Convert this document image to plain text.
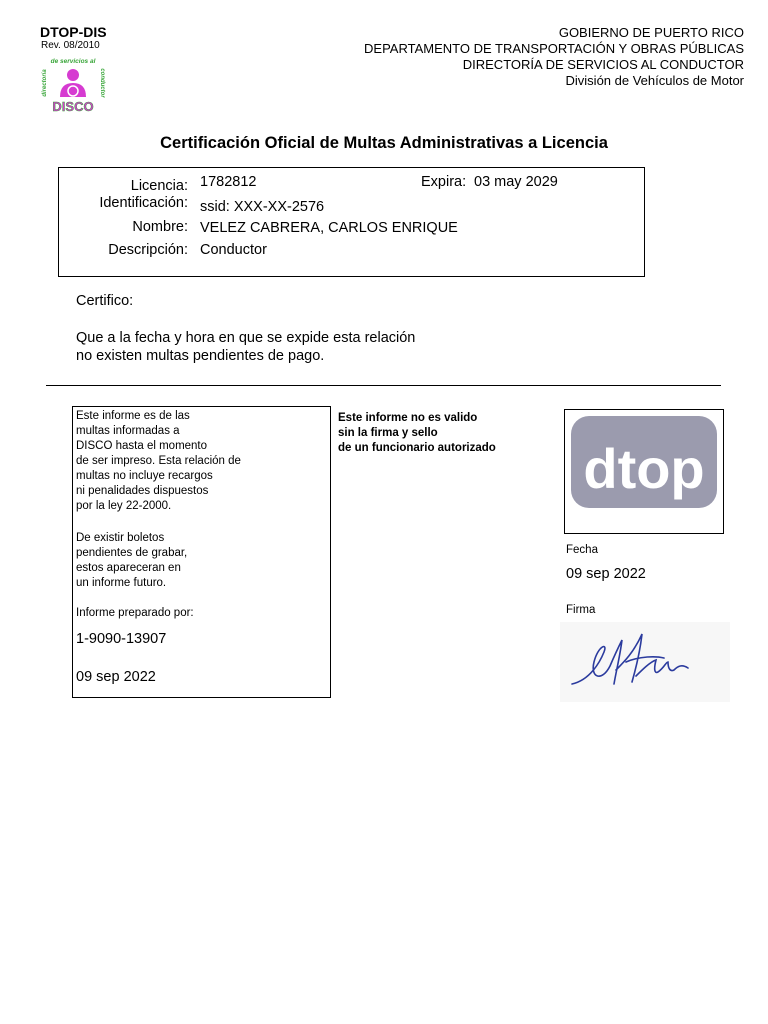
DTOP-DIS
Rev. 08/2010
de servicios al
directoría	conductor
DISCO
GOBIERNO DE PUERTO RICO
DEPARTAMENTO DE TRANSPORTACIÓN Y OBRAS PÚBLICAS
DIRECTORÍA DE SERVICIOS AL CONDUCTOR
División de Vehículos de Motor
Certificación Oficial de Multas Administrativas a Licencia
Licencia: 1782812	Expira: 03 may 2029
Identificación: ssid: XXX-XX-2576
Nombre: VELEZ CABRERA, CARLOS ENRIQUE
Descripción: Conductor
Certifico:
Que a la fecha y hora en que se expide esta relación
no existen multas pendientes de pago.
Este informe es de las
multas informadas a
DISCO hasta el momento
de ser impreso. Esta relación de
multas no incluye recargos
ni penalidades dispuestos
por la ley 22-2000.
De existir boletos
pendientes de grabar,
estos apareceran en
un informe futuro.
Informe preparado por:
1-9090-13907
09 sep 2022
Este informe no es valido
sin la firma y sello
de un funcionario autorizado dtop
Fecha
09 sep 2022
Firma
